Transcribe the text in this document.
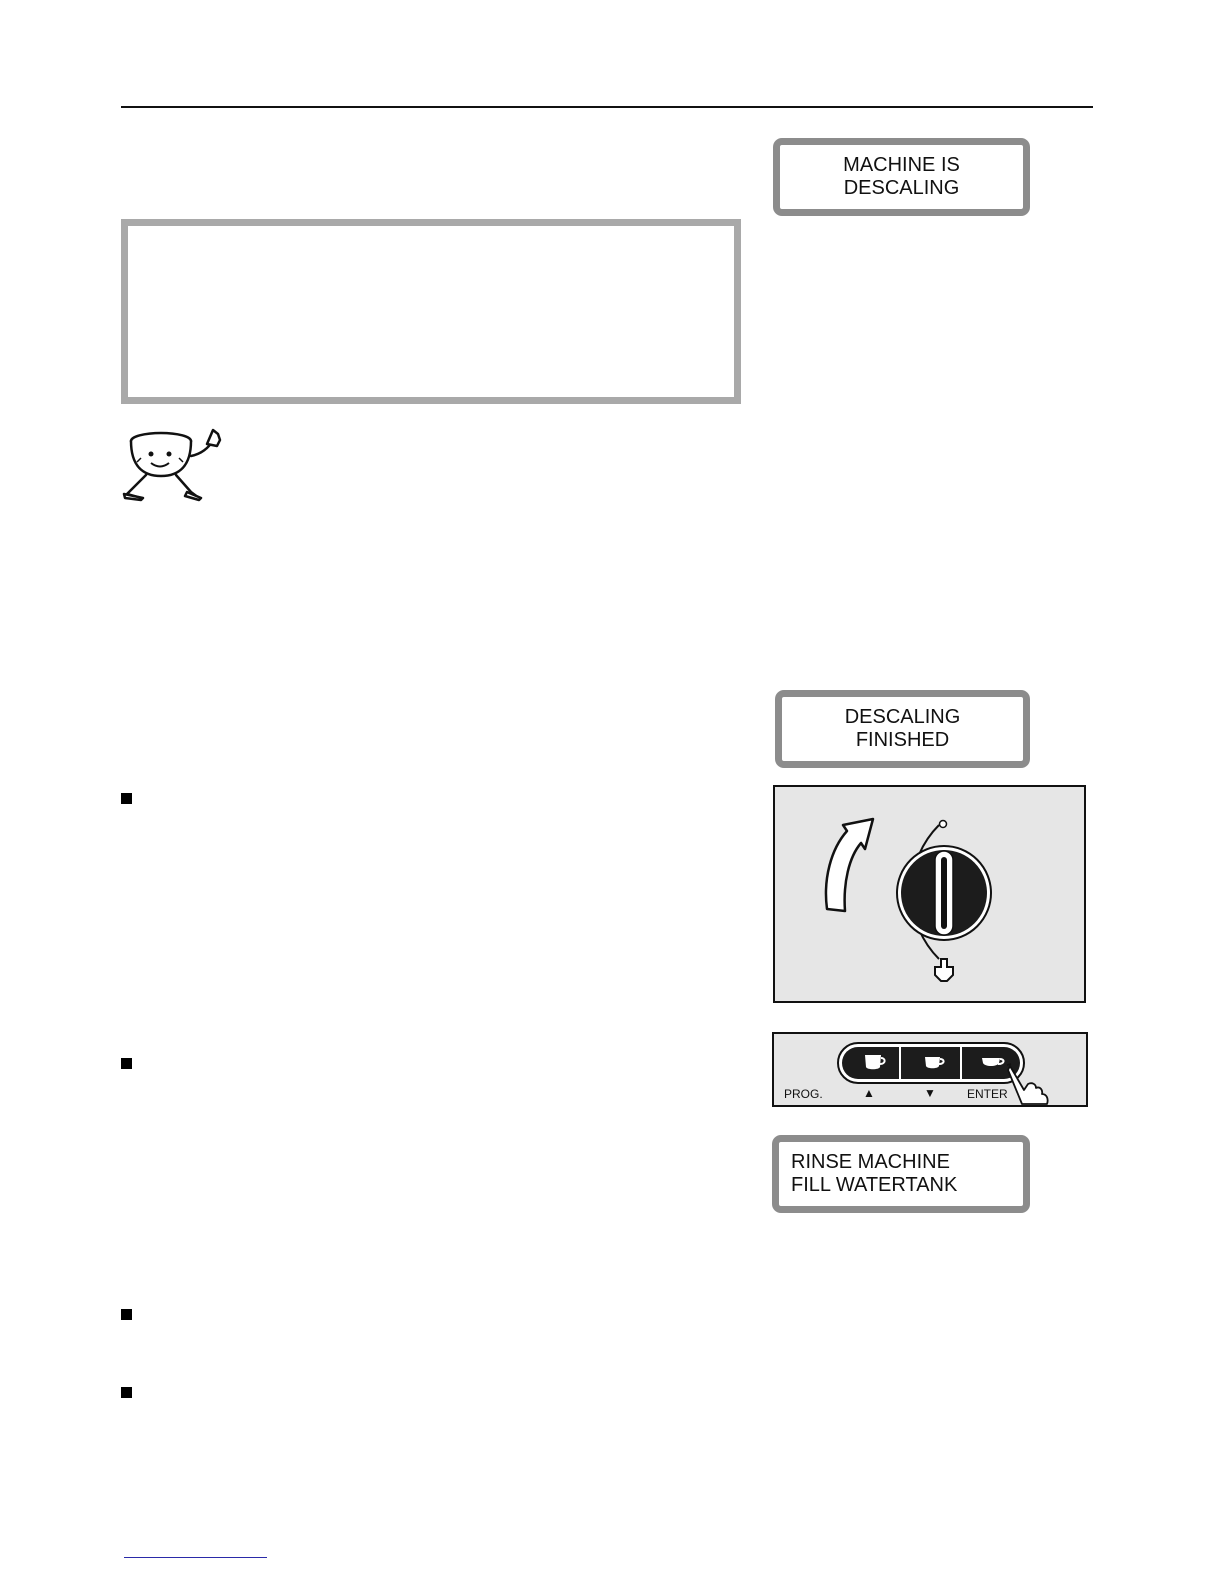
MACHINE IS
DESCALING
DESCALING
FINISHED
PROG.	▲	▼	ENTER
RINSE MACHINE
FILL WATERTANK
